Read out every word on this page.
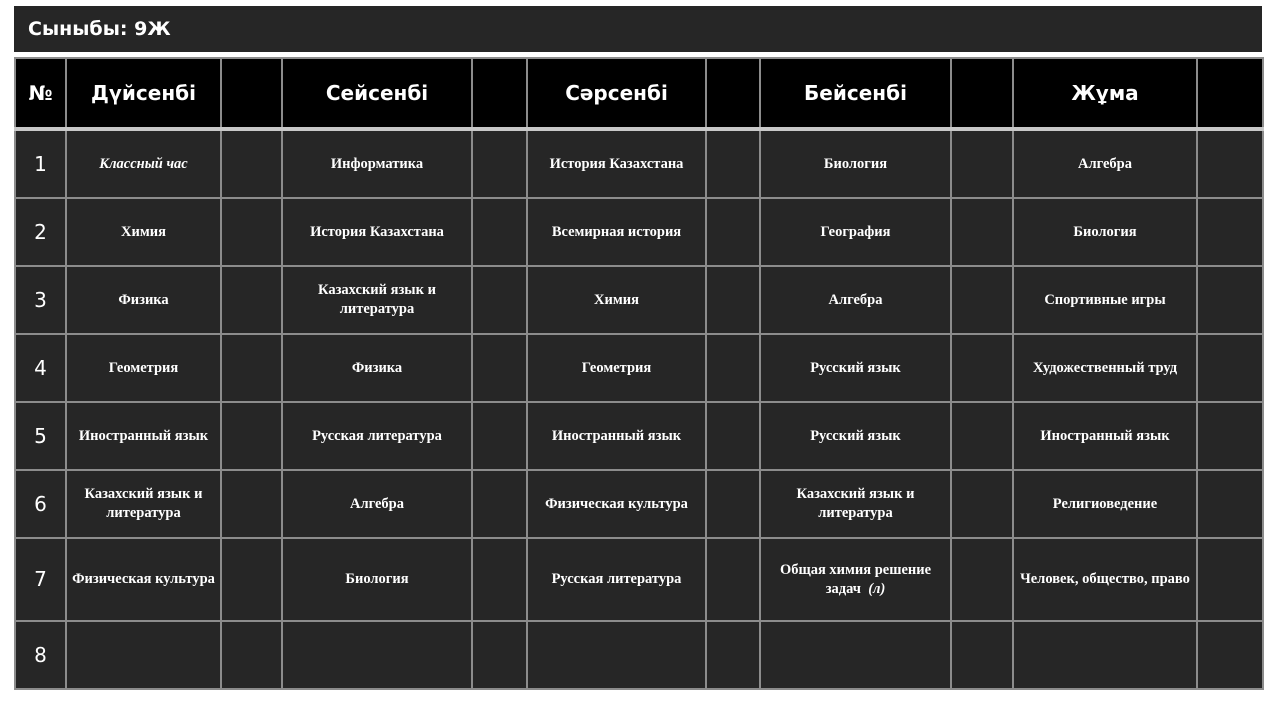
Сыныбы: 9Ж
№	Дүйсенбі		Сейсенбі		Сәрсенбі		Бейсенбі		Жұма	
1	Классный час		Информатика		История Казахстана		Биология		Алгебра	
2	Химия		История Казахстана		Всемирная история		География		Биология	
3	Физика		Казахский язык и литература		Химия		Алгебра		Спортивные игры	
4	Геометрия		Физика		Геометрия		Русский язык		Художественный труд	
5	Иностранный язык		Русская литература		Иностранный язык		Русский язык		Иностранный язык	
6	Казахский язык и литература		Алгебра		Физическая культура		Казахский язык и литература		Религиоведение	
7	Физическая культура		Биология		Русская литература		Общая химия решение задач (л)		Человек, общество, право	
8										
